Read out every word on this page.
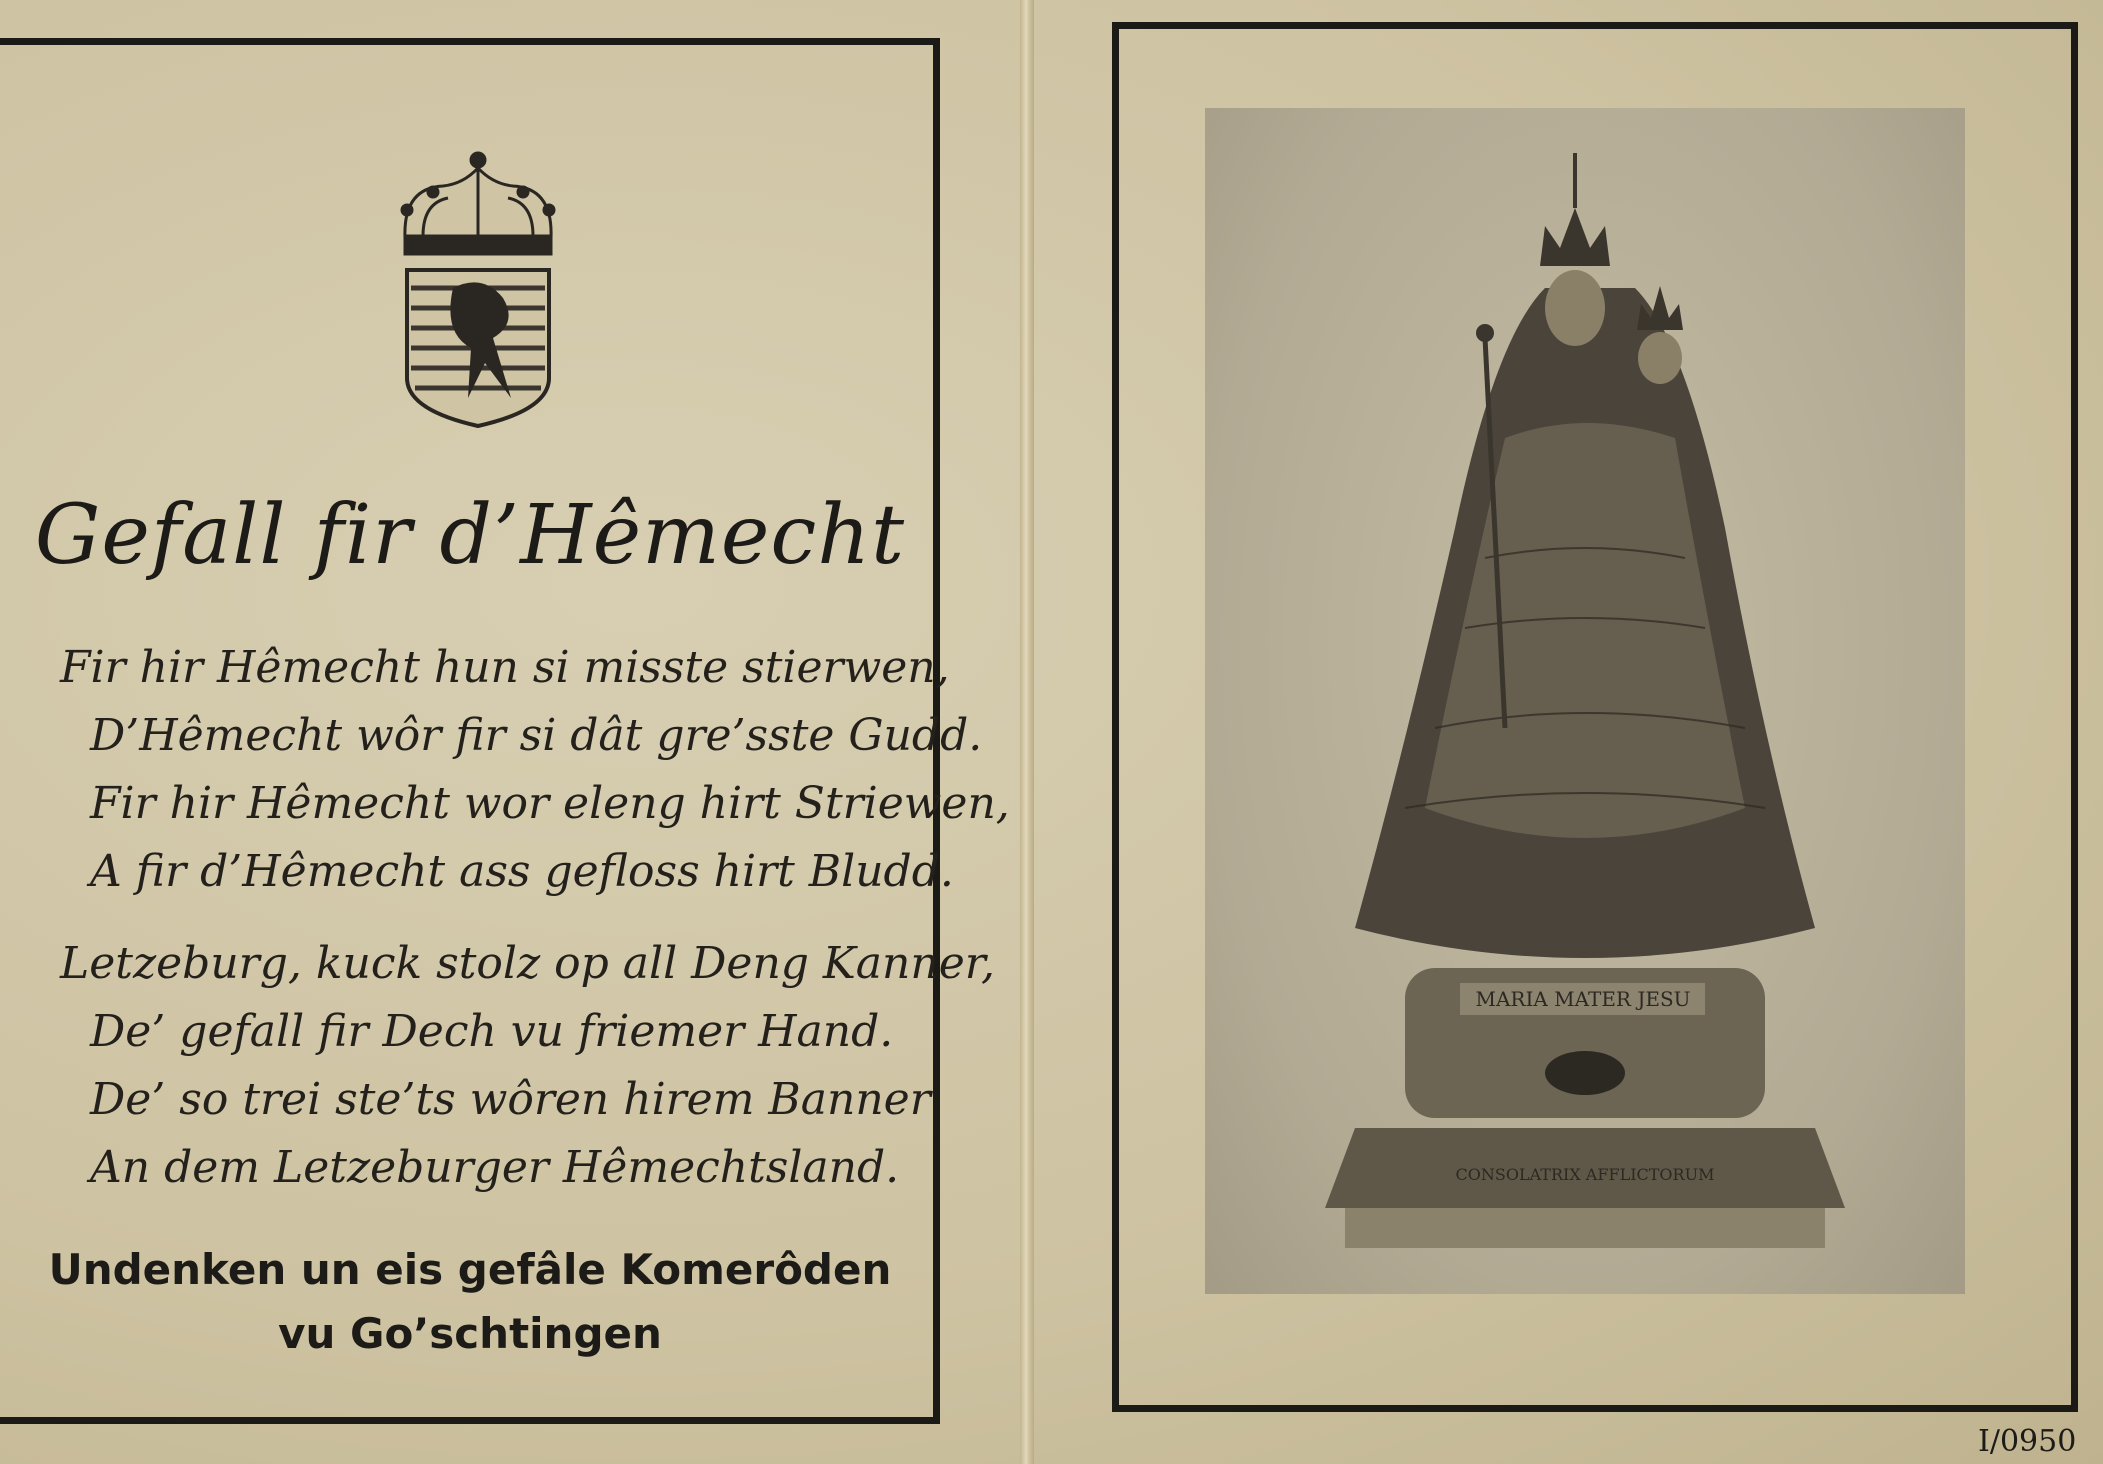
Gefall fir d’Hêmecht
Fir hir Hêmecht hun si misste stierwen,
D’Hêmecht wôr fir si dât gre’sste Gudd.
Fir hir Hêmecht wor eleng hirt Striewen,
A fir d’Hêmecht ass gefloss hirt Bludd.
Letzeburg, kuck stolz op all Deng Kanner,
De’ gefall fir Dech vu friemer Hand.
De’ so trei ste’ts wôren hirem Banner
An dem Letzeburger Hêmechtsland.
Undenken un eis gefâle Komerôden
vu Go’schtingen
MARIA MATER JESU
CONSOLATRIX AFFLICTORUM
I/0950
